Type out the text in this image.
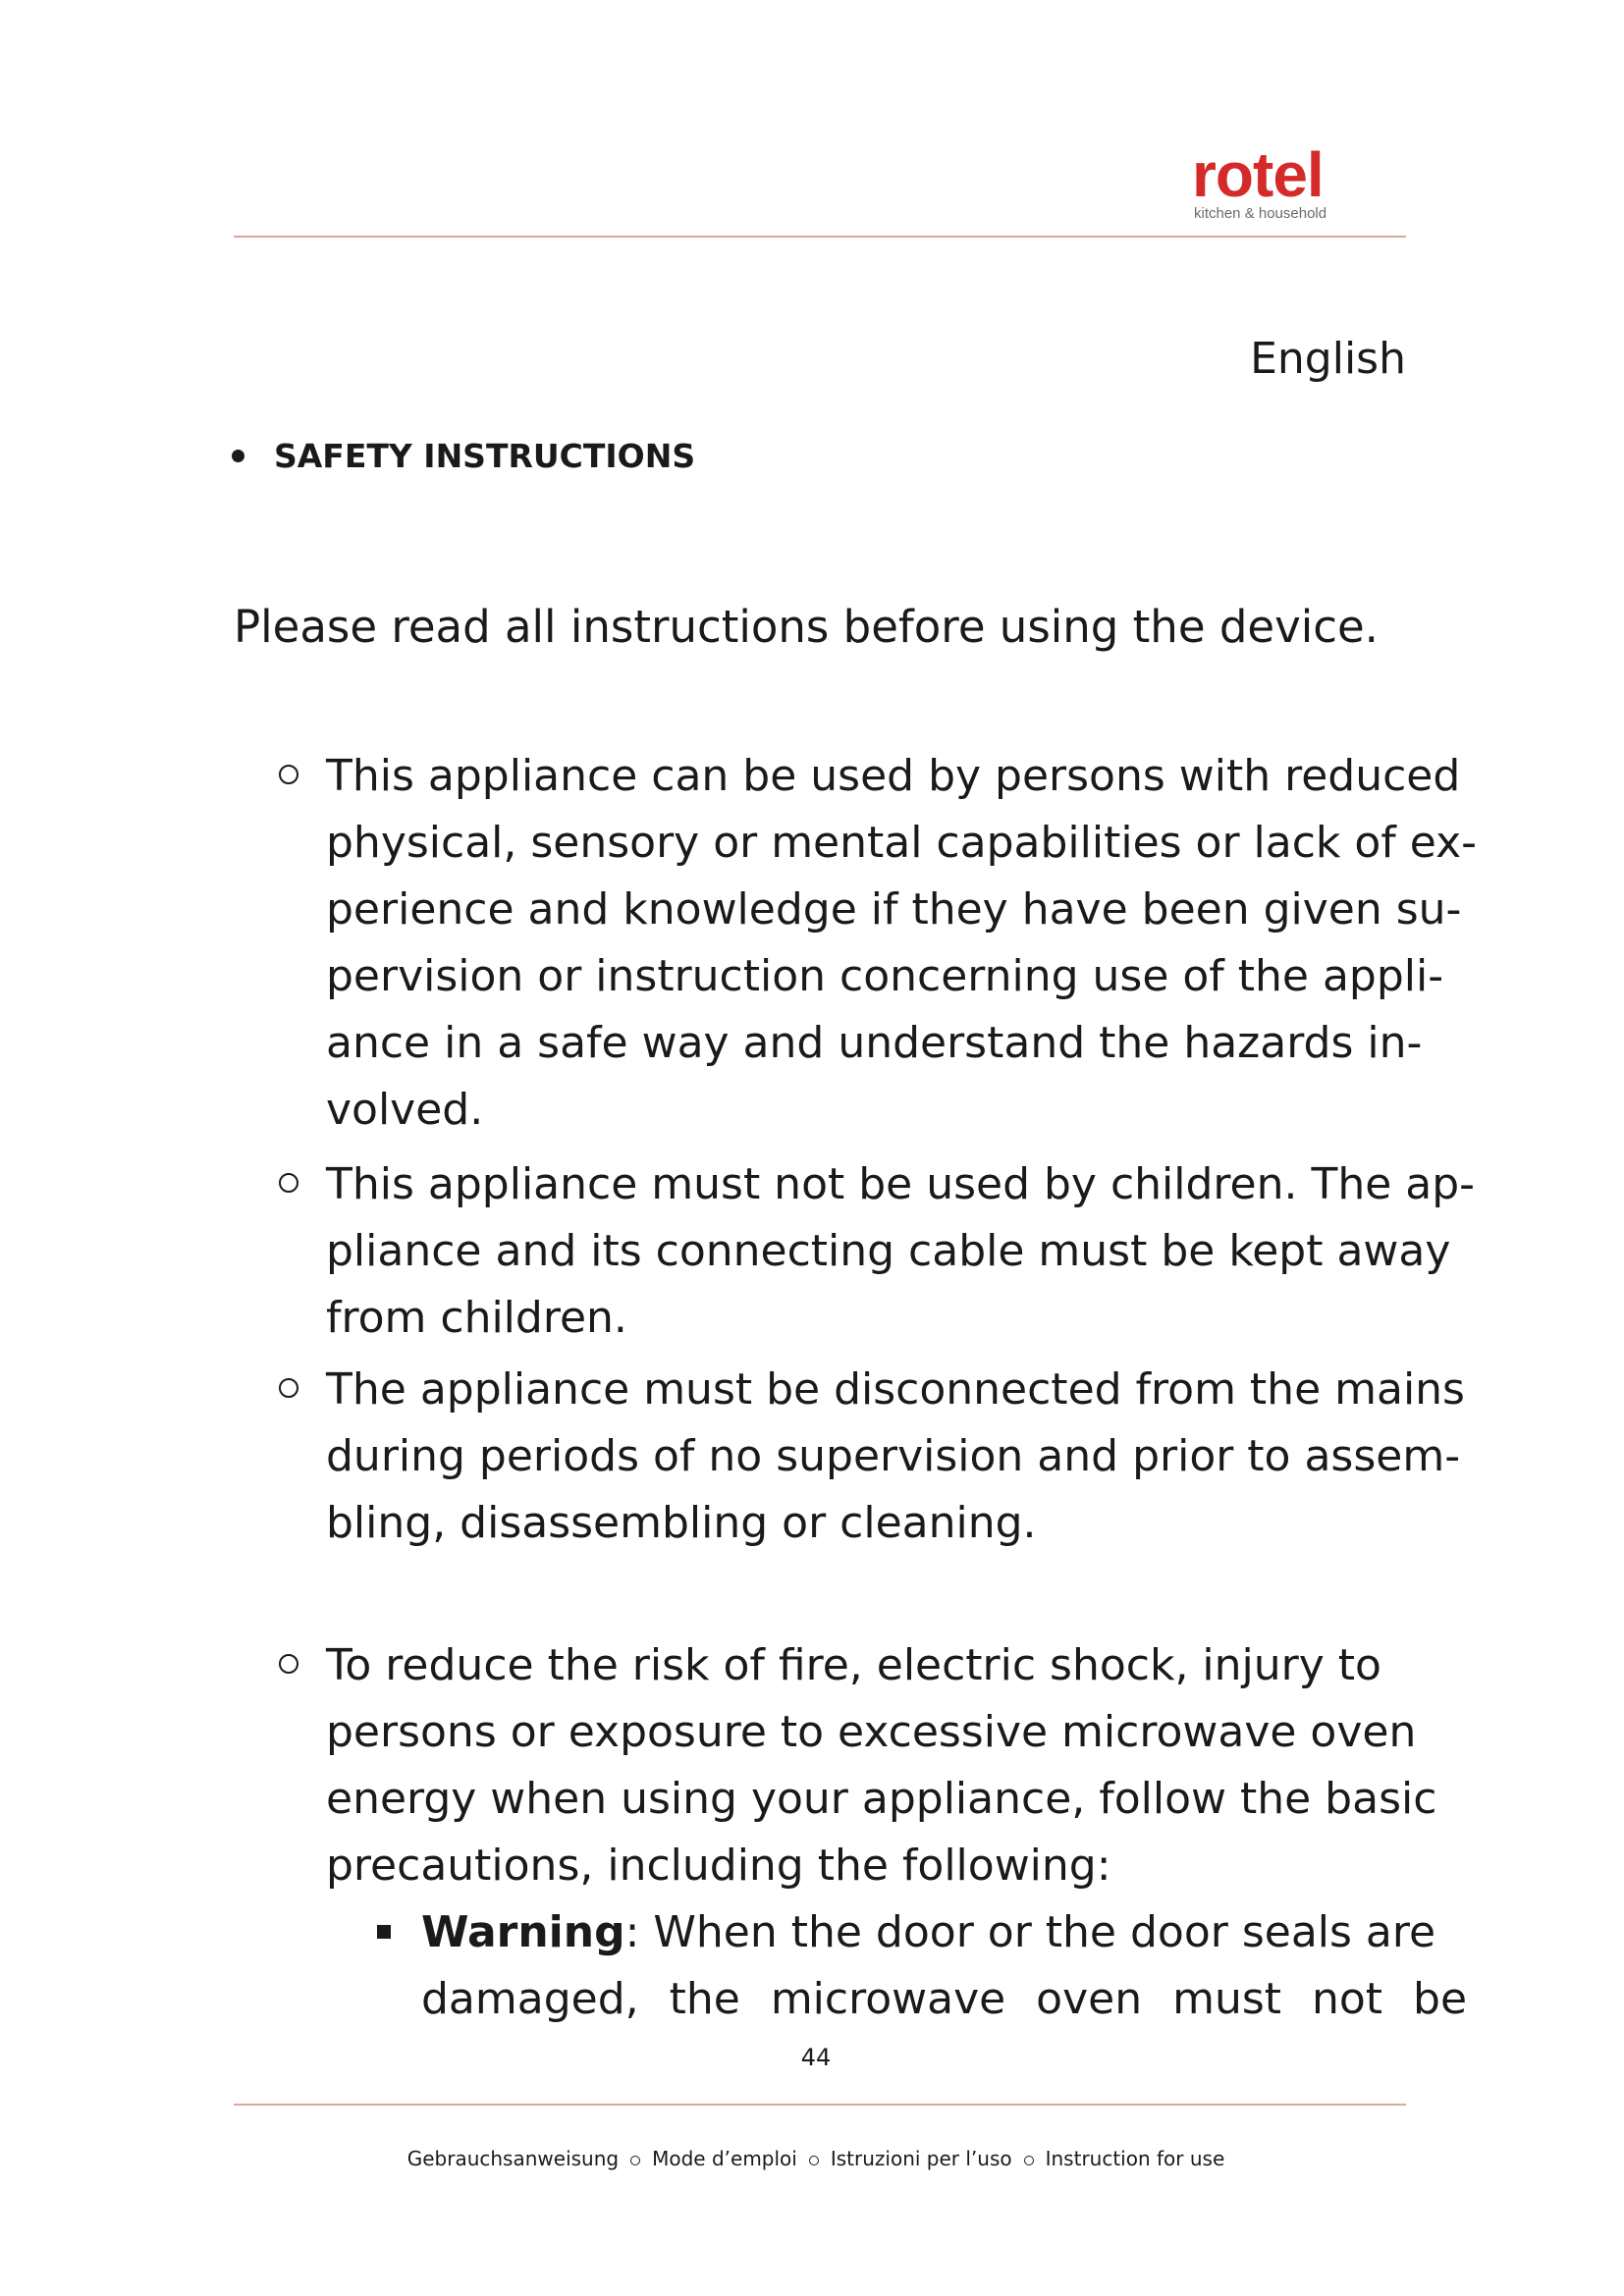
rotel
kitchen & household
English
SAFETY INSTRUCTIONS
Please read all instructions before using the device.
This appliance can be used by persons with reduced
physical, sensory or mental capabilities or lack of ex-
perience and knowledge if they have been given su-
pervision or instruction concerning use of the appli-
ance in a safe way and understand the hazards in-
volved.
This appliance must not be used by children. The ap-
pliance and its connecting cable must be kept away
from children.
The appliance must be disconnected from the mains
during periods of no supervision and prior to assem-
bling, disassembling or cleaning.
To reduce the risk of fire, electric shock, injury to
persons or exposure to excessive microwave oven
energy when using your appliance, follow the basic
precautions, including the following:
Warning: When the door or the door seals are
damaged, the microwave oven must not be
44
Gebrauchsanweisung Mode d’emploi Istruzioni per l’uso Instruction for use
